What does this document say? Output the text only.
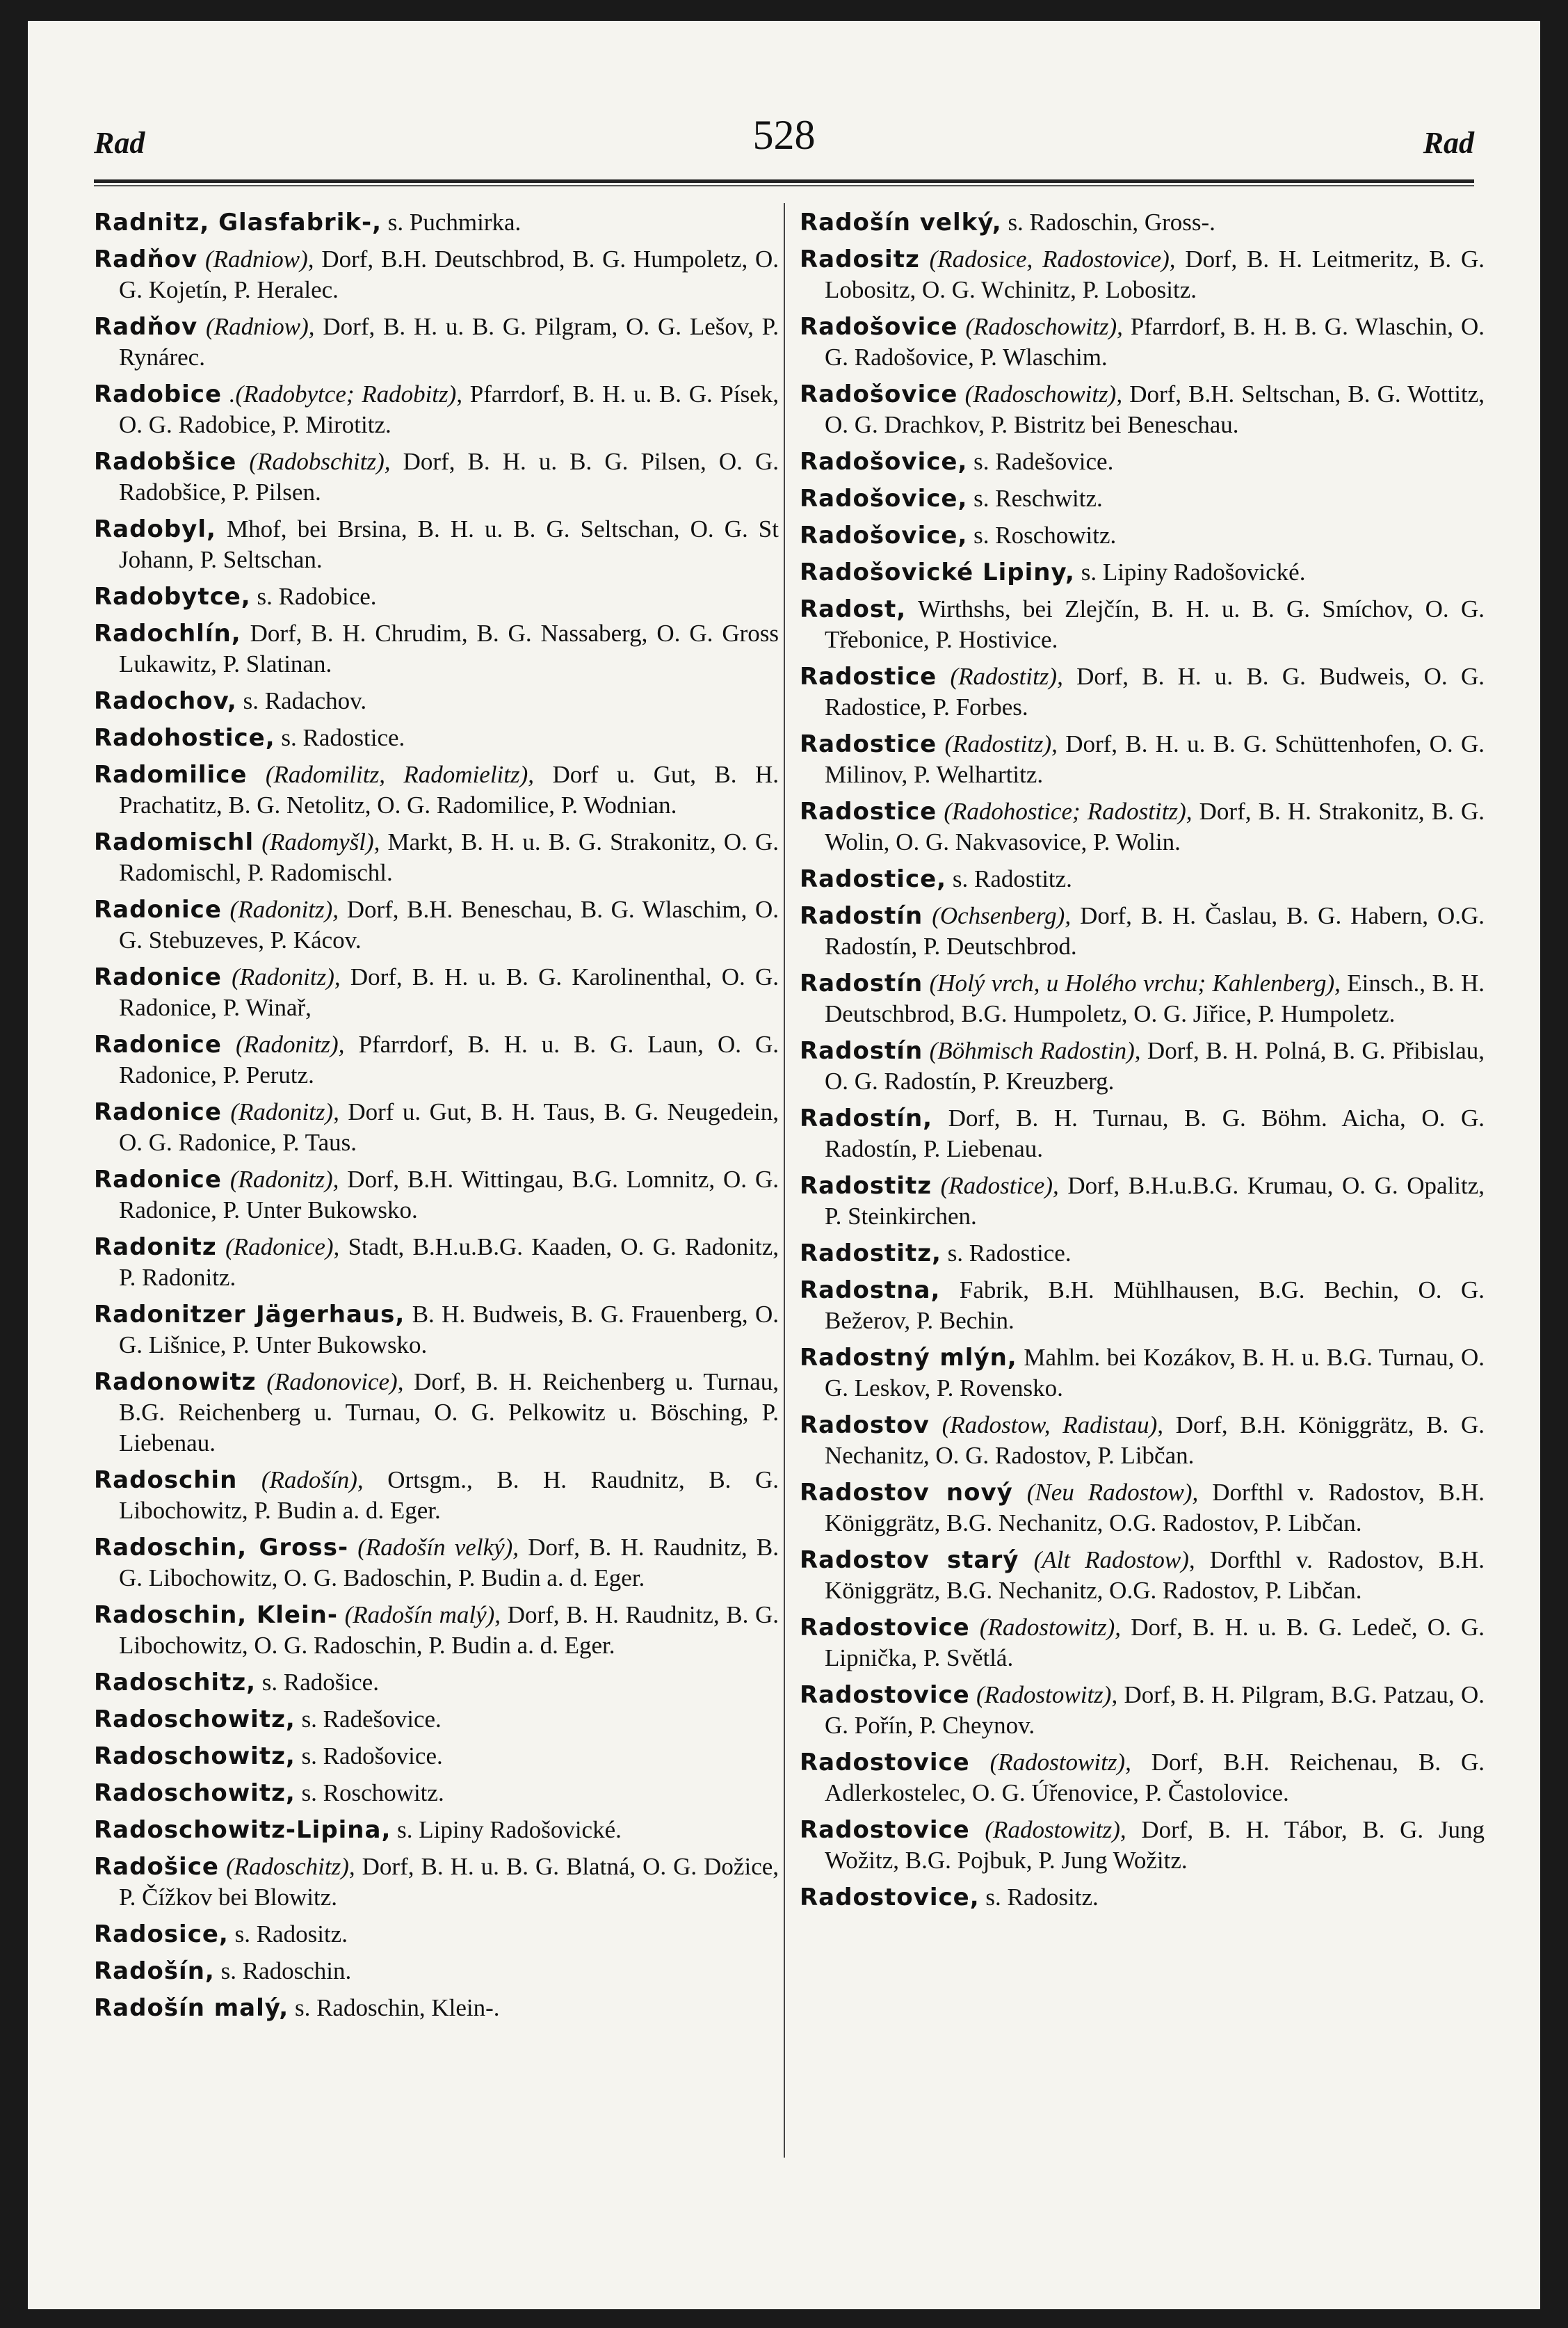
Rad	528	Rad
Radnitz, Glasfabrik-, s. Puchmirka.
Radňov (Radniow), Dorf, B.H. Deutschbrod, B. G. Humpoletz, O. G. Kojetín, P. Heralec.
Radňov (Radniow), Dorf, B. H. u. B. G. Pilgram, O. G. Lešov, P. Rynárec.
Radobice .(Radobytce; Radobitz), Pfarrdorf, B. H. u. B. G. Písek, O. G. Radobice, P. Mirotitz.
Radobšice (Radobschitz), Dorf, B. H. u. B. G. Pilsen, O. G. Radobšice, P. Pilsen.
Radobyl, Mhof, bei Brsina, B. H. u. B. G. Seltschan, O. G. St Johann, P. Seltschan.
Radobytce, s. Radobice.
Radochlín, Dorf, B. H. Chrudim, B. G. Nassaberg, O. G. Gross Lukawitz, P. Slatinan.
Radochov, s. Radachov.
Radohostice, s. Radostice.
Radomilice (Radomilitz, Radomielitz), Dorf u. Gut, B. H. Prachatitz, B. G. Netolitz, O. G. Radomilice, P. Wodnian.
Radomischl (Radomyšl), Markt, B. H. u. B. G. Strakonitz, O. G. Radomischl, P. Radomischl.
Radonice (Radonitz), Dorf, B.H. Beneschau, B. G. Wlaschim, O. G. Stebuzeves, P. Kácov.
Radonice (Radonitz), Dorf, B. H. u. B. G. Karolinenthal, O. G. Radonice, P. Winař,
Radonice (Radonitz), Pfarrdorf, B. H. u. B. G. Laun, O. G. Radonice, P. Perutz.
Radonice (Radonitz), Dorf u. Gut, B. H. Taus, B. G. Neugedein, O. G. Radonice, P. Taus.
Radonice (Radonitz), Dorf, B.H. Wittingau, B.G. Lomnitz, O. G. Radonice, P. Unter Bukowsko.
Radonitz (Radonice), Stadt, B.H.u.B.G. Kaaden, O. G. Radonitz, P. Radonitz.
Radonitzer Jägerhaus, B. H. Budweis, B. G. Frauenberg, O. G. Lišnice, P. Unter Bukowsko.
Radonowitz (Radonovice), Dorf, B. H. Reichenberg u. Turnau, B.G. Reichenberg u. Turnau, O. G. Pelkowitz u. Bösching, P. Liebenau.
Radoschin (Radošín), Ortsgm., B. H. Raudnitz, B. G. Libochowitz, P. Budin a. d. Eger.
Radoschin, Gross- (Radošín velký), Dorf, B. H. Raudnitz, B. G. Libochowitz, O. G. Badoschin, P. Budin a. d. Eger.
Radoschin, Klein- (Radošín malý), Dorf, B. H. Raudnitz, B. G. Libochowitz, O. G. Radoschin, P. Budin a. d. Eger.
Radoschitz, s. Radošice.
Radoschowitz, s. Radešovice.
Radoschowitz, s. Radošovice.
Radoschowitz, s. Roschowitz.
Radoschowitz-Lipina, s. Lipiny Radošovické.
Radošice (Radoschitz), Dorf, B. H. u. B. G. Blatná, O. G. Dožice, P. Čížkov bei Blowitz.
Radosice, s. Radositz.
Radošín, s. Radoschin.
Radošín malý, s. Radoschin, Klein-.
Radošín velký, s. Radoschin, Gross-.
Radositz (Radosice, Radostovice), Dorf, B. H. Leitmeritz, B. G. Lobositz, O. G. Wchinitz, P. Lobositz.
Radošovice (Radoschowitz), Pfarrdorf, B. H. B. G. Wlaschin, O. G. Radošovice, P. Wlaschim.
Radošovice (Radoschowitz), Dorf, B.H. Seltschan, B. G. Wottitz, O. G. Drachkov, P. Bistritz bei Beneschau.
Radošovice, s. Radešovice.
Radošovice, s. Reschwitz.
Radošovice, s. Roschowitz.
Radošovické Lipiny, s. Lipiny Radošovické.
Radost, Wirthshs, bei Zlejčín, B. H. u. B. G. Smíchov, O. G. Třebonice, P. Hostivice.
Radostice (Radostitz), Dorf, B. H. u. B. G. Budweis, O. G. Radostice, P. Forbes.
Radostice (Radostitz), Dorf, B. H. u. B. G. Schüttenhofen, O. G. Milinov, P. Welhartitz.
Radostice (Radohostice; Radostitz), Dorf, B. H. Strakonitz, B. G. Wolin, O. G. Nakvasovice, P. Wolin.
Radostice, s. Radostitz.
Radostín (Ochsenberg), Dorf, B. H. Časlau, B. G. Habern, O.G. Radostín, P. Deutschbrod.
Radostín (Holý vrch, u Holého vrchu; Kahlenberg), Einsch., B. H. Deutschbrod, B.G. Humpoletz, O. G. Jiřice, P. Humpoletz.
Radostín (Böhmisch Radostin), Dorf, B. H. Polná, B. G. Přibislau, O. G. Radostín, P. Kreuzberg.
Radostín, Dorf, B. H. Turnau, B. G. Böhm. Aicha, O. G. Radostín, P. Liebenau.
Radostitz (Radostice), Dorf, B.H.u.B.G. Krumau, O. G. Opalitz, P. Steinkirchen.
Radostitz, s. Radostice.
Radostna, Fabrik, B.H. Mühlhausen, B.G. Bechin, O. G. Bežerov, P. Bechin.
Radostný mlýn, Mahlm. bei Kozákov, B. H. u. B.G. Turnau, O. G. Leskov, P. Rovensko.
Radostov (Radostow, Radistau), Dorf, B.H. Königgrätz, B. G. Nechanitz, O. G. Radostov, P. Libčan.
Radostov nový (Neu Radostow), Dorfthl v. Radostov, B.H. Königgrätz, B.G. Nechanitz, O.G. Radostov, P. Libčan.
Radostov starý (Alt Radostow), Dorfthl v. Radostov, B.H. Königgrätz, B.G. Nechanitz, O.G. Radostov, P. Libčan.
Radostovice (Radostowitz), Dorf, B. H. u. B. G. Ledeč, O. G. Lipnička, P. Světlá.
Radostovice (Radostowitz), Dorf, B. H. Pilgram, B.G. Patzau, O. G. Pořín, P. Cheynov.
Radostovice (Radostowitz), Dorf, B.H. Reichenau, B. G. Adlerkostelec, O. G. Úřenovice, P. Častolovice.
Radostovice (Radostowitz), Dorf, B. H. Tábor, B. G. Jung Wožitz, B.G. Pojbuk, P. Jung Wožitz.
Radostovice, s. Radositz.
